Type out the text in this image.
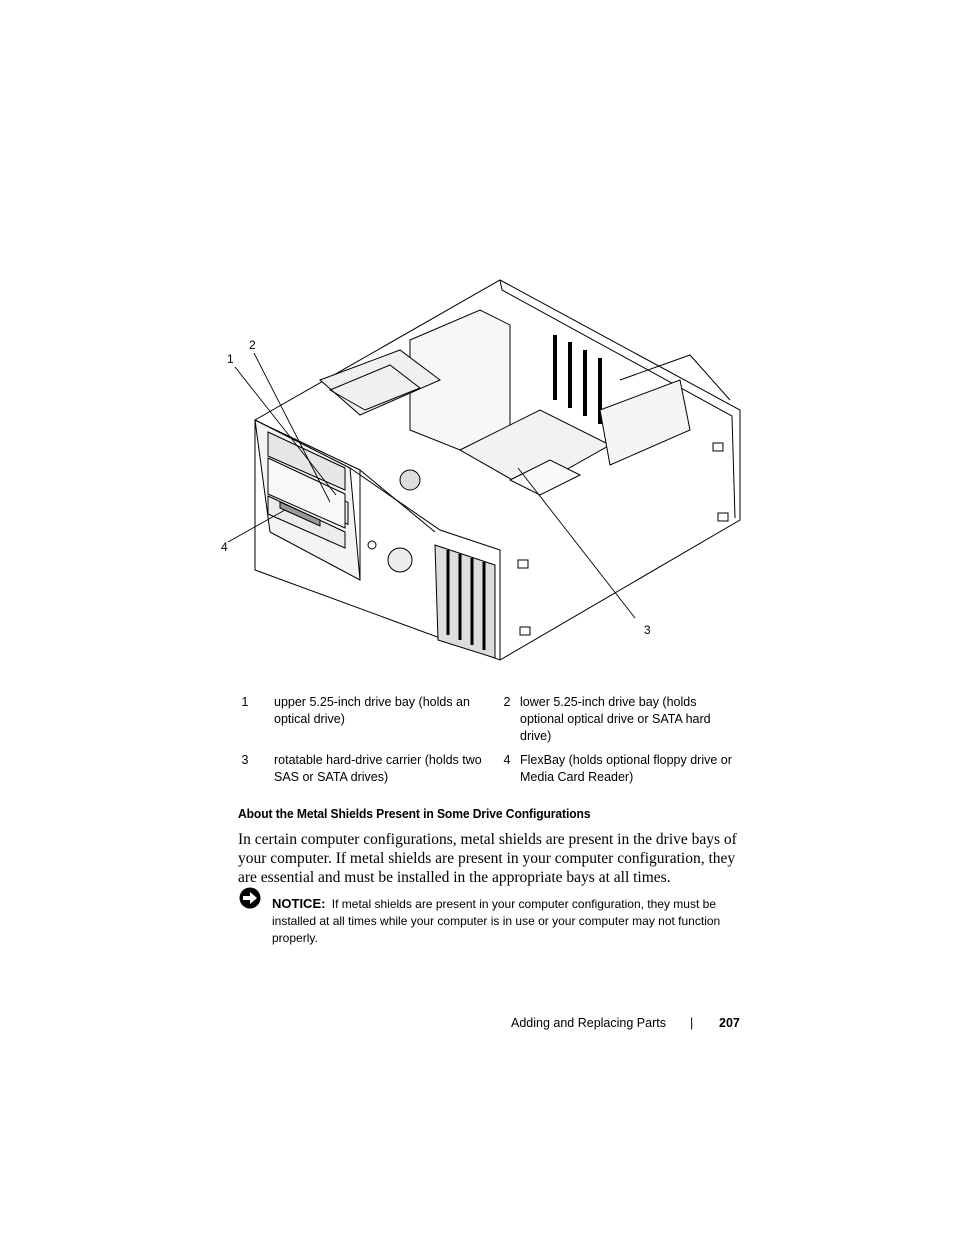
1
2
3
4
1 upper 5.25-inch drive bay (holds an optical drive)
2 lower 5.25-inch drive bay (holds optional optical drive or SATA hard drive)
3 rotatable hard-drive carrier (holds two SAS or SATA drives)
4 FlexBay (holds optional floppy drive or Media Card Reader)
About the Metal Shields Present in Some Drive Configurations
In certain computer configurations, metal shields are present in the drive bays of your computer. If metal shields are present in your computer configuration, they are essential and must be installed in the appropriate bays at all times.
NOTICE: If metal shields are present in your computer configuration, they must be installed at all times while your computer is in use or your computer may not function properly.
Adding and Replacing Parts | 207
